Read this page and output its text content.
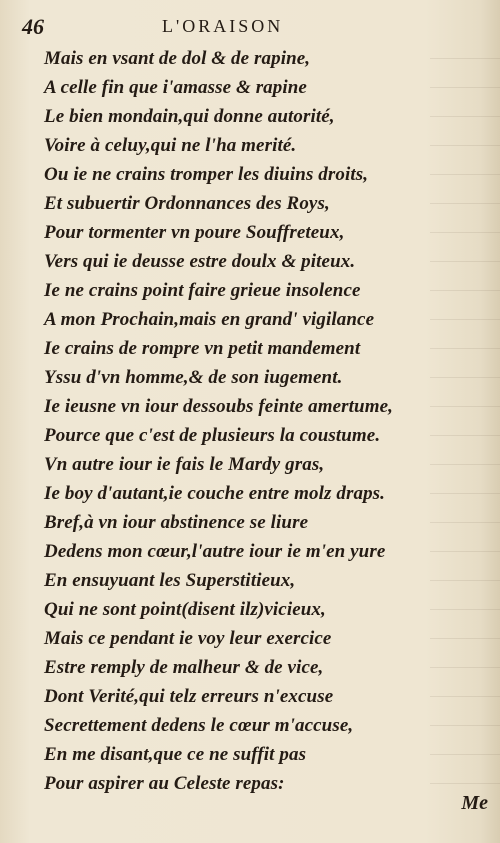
46	L'ORAISON
Mais en vsant de dol & de rapine,
A celle fin que i'amasse & rapine
Le bien mondain,qui donne autorité,
Voire à celuy,qui ne l'ha merité.
Ou ie ne crains tromper les diuins droits,
Et subuertir Ordonnances des Roys,
Pour tormenter vn poure Souffreteux,
Vers qui ie deusse estre doulx & piteux.
Ie ne crains point faire grieue insolence
A mon Prochain,mais en grand' vigilance
Ie crains de rompre vn petit mandement
Yssu d'vn homme,& de son iugement.
Ie ieusne vn iour dessoubs feinte amertume,
Pource que c'est de plusieurs la coustume.
Vn autre iour ie fais le Mardy gras,
Ie boy d'autant,ie couche entre molz draps.
Bref,à vn iour abstinence se liure
Dedens mon cœur,l'autre iour ie m'en yure
En ensuyuant les Superstitieux,
Qui ne sont point(disent ilz)vicieux,
Mais ce pendant ie voy leur exercice
Estre remply de malheur & de vice,
Dont Verité,qui telz erreurs n'excuse
Secrettement dedens le cœur m'accuse,
En me disant,que ce ne suffit pas
Pour aspirer au Celeste repas:
Me
